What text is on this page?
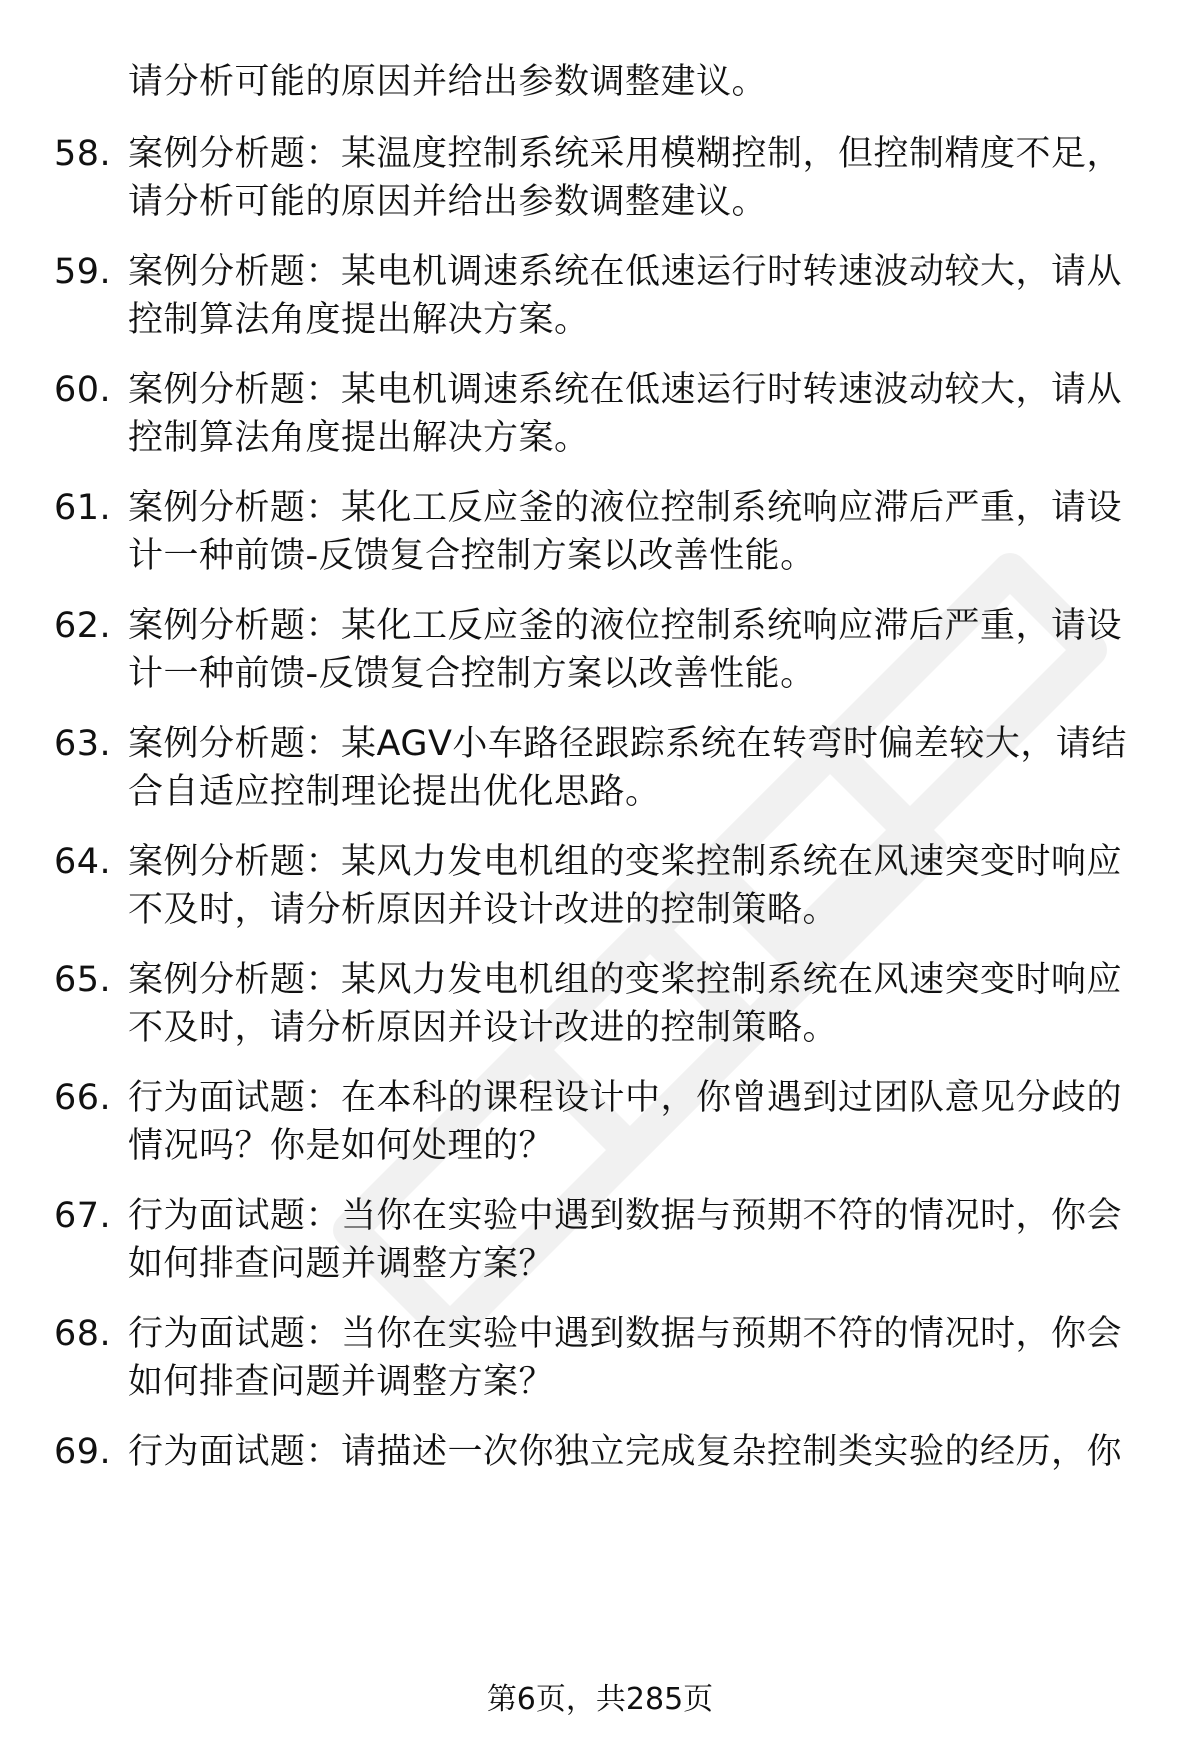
请分析可能的原因并给出参数调整建议。
58. 案例分析题：某温度控制系统采用模糊控制，但控制精度不足，
请分析可能的原因并给出参数调整建议。
59. 案例分析题：某电机调速系统在低速运行时转速波动较大，请从
控制算法角度提出解决方案。
60. 案例分析题：某电机调速系统在低速运行时转速波动较大，请从
控制算法角度提出解决方案。
61. 案例分析题：某化工反应釜的液位控制系统响应滞后严重，请设
计一种前馈-反馈复合控制方案以改善性能。
62. 案例分析题：某化工反应釜的液位控制系统响应滞后严重，请设
计一种前馈-反馈复合控制方案以改善性能。
63. 案例分析题：某AGV小车路径跟踪系统在转弯时偏差较大，请结
合自适应控制理论提出优化思路。
64. 案例分析题：某风力发电机组的变桨控制系统在风速突变时响应
不及时，请分析原因并设计改进的控制策略。
65. 案例分析题：某风力发电机组的变桨控制系统在风速突变时响应
不及时，请分析原因并设计改进的控制策略。
66. 行为面试题：在本科的课程设计中，你曾遇到过团队意见分歧的
情况吗？你是如何处理的？
67. 行为面试题：当你在实验中遇到数据与预期不符的情况时，你会
如何排查问题并调整方案？
68. 行为面试题：当你在实验中遇到数据与预期不符的情况时，你会
如何排查问题并调整方案？
69. 行为面试题：请描述一次你独立完成复杂控制类实验的经历，你
第6页，共285页
